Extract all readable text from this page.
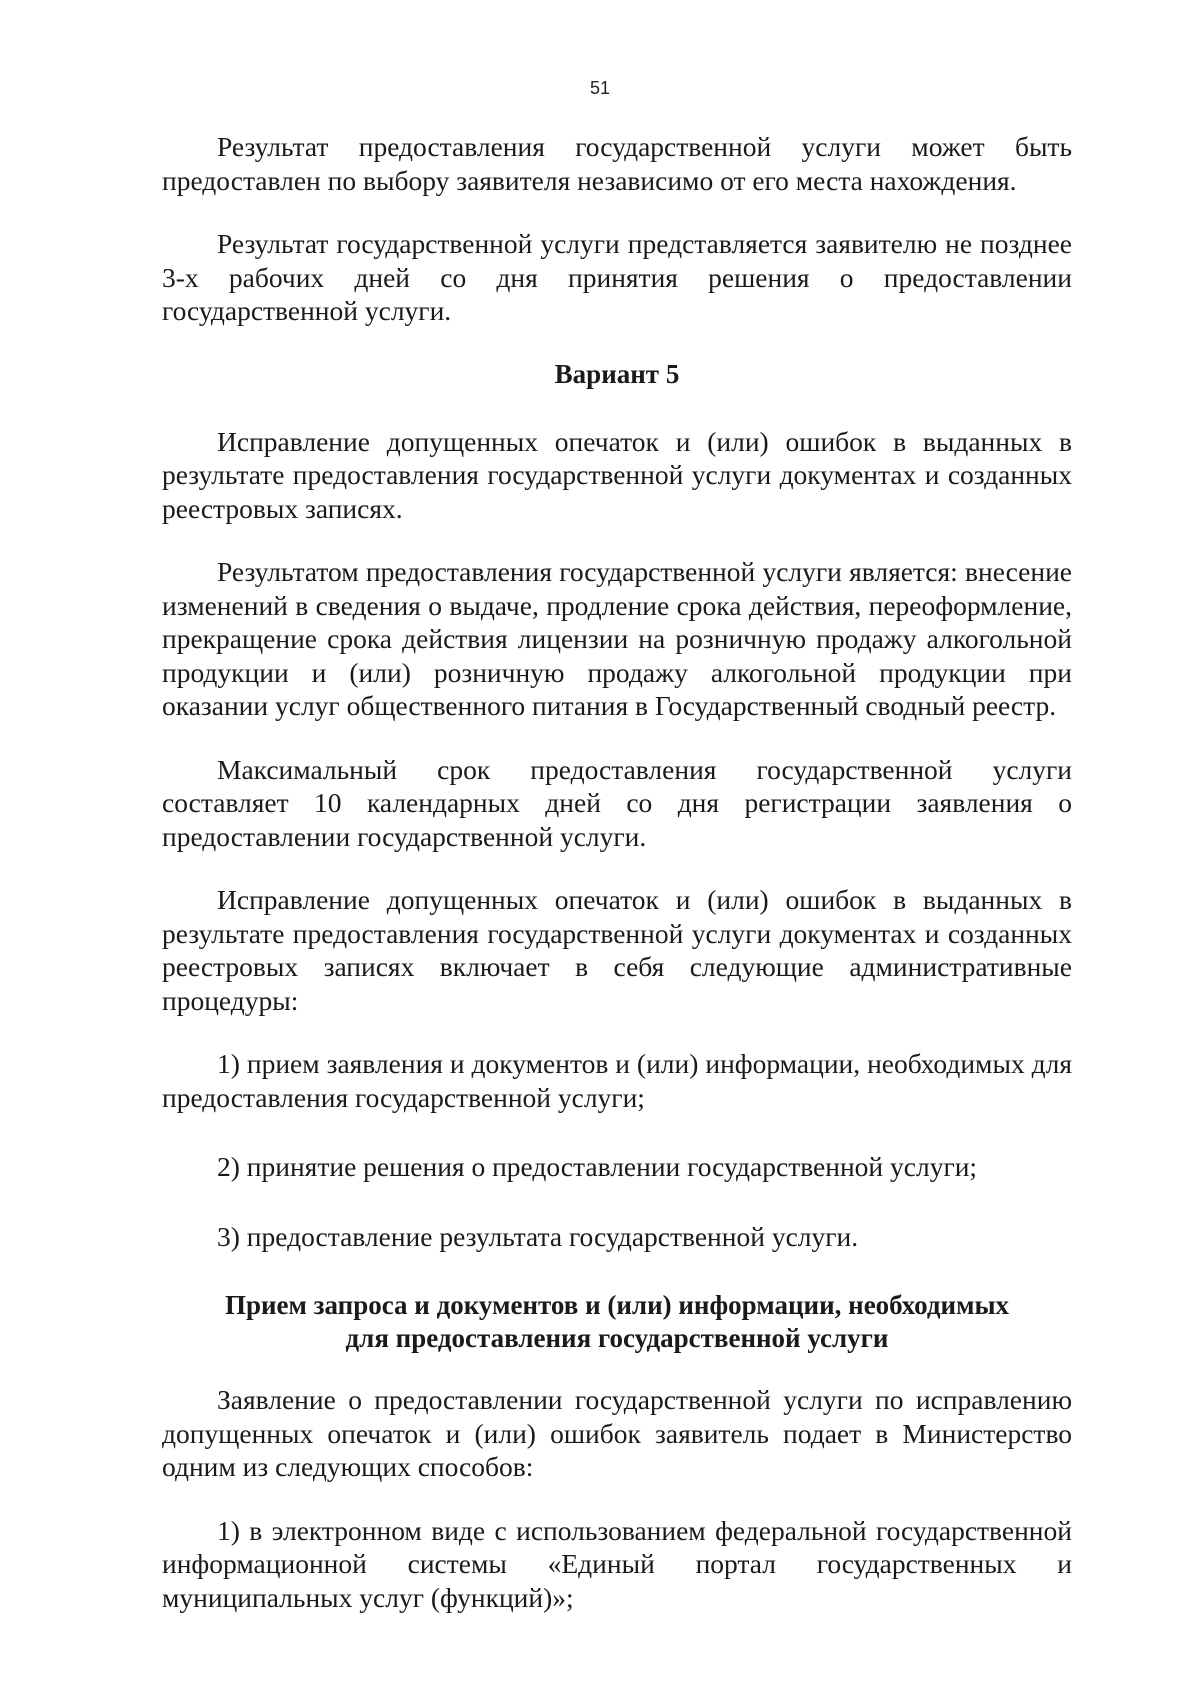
51

Результат предоставления государственной услуги может быть предоставлен по выбору заявителя независимо от его места нахождения.

Результат государственной услуги представляется заявителю не позднее 3-х рабочих дней со дня принятия решения о предоставлении государственной услуги.

Вариант 5

Исправление допущенных опечаток и (или) ошибок в выданных в результате предоставления государственной услуги документах и созданных реестровых записях.

Результатом предоставления государственной услуги является: внесение изменений в сведения о выдаче, продление срока действия, переоформление, прекращение срока действия лицензии на розничную продажу алкогольной продукции и (или) розничную продажу алкогольной продукции при оказании услуг общественного питания в Государственный сводный реестр.

Максимальный срок предоставления государственной услуги составляет 10 календарных дней со дня регистрации заявления о предоставлении государственной услуги.

Исправление допущенных опечаток и (или) ошибок в выданных в результате предоставления государственной услуги документах и созданных реестровых записях включает в себя следующие административные процедуры:

1) прием заявления и документов и (или) информации, необходимых для предоставления государственной услуги;

2) принятие решения о предоставлении государственной услуги;

3) предоставление результата государственной услуги.

Прием запроса и документов и (или) информации, необходимых
для предоставления государственной услуги

Заявление о предоставлении государственной услуги по исправлению допущенных опечаток и (или) ошибок заявитель подает в Министерство одним из следующих способов:

1) в электронном виде с использованием федеральной государственной информационной системы «Единый портал государственных и муниципальных услуг (функций)»;
